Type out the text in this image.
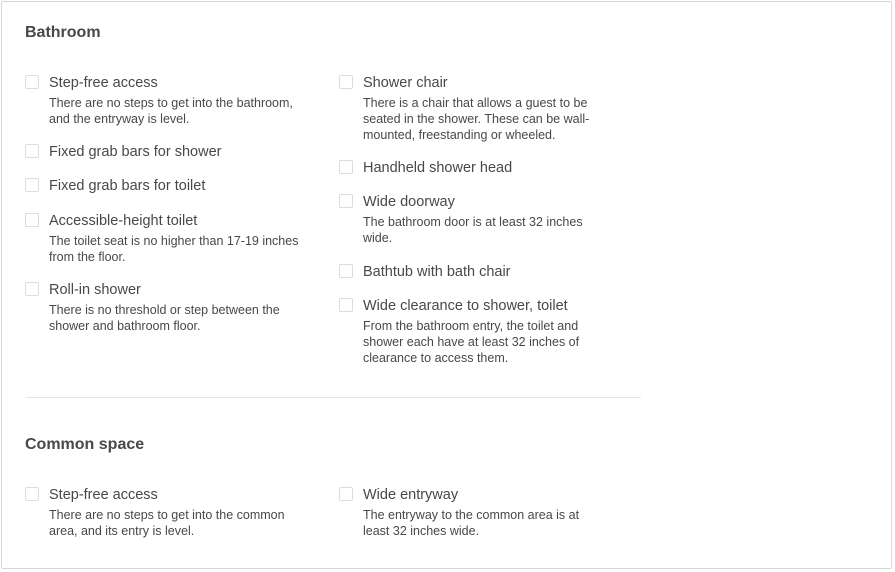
Bathroom
Step-free access
There are no steps to get into the bathroom, and the entryway is level.
Fixed grab bars for shower
Fixed grab bars for toilet
Accessible-height toilet
The toilet seat is no higher than 17-19 inches from the floor.
Roll-in shower
There is no threshold or step between the shower and bathroom floor.
Shower chair
There is a chair that allows a guest to be seated in the shower. These can be wall-mounted, freestanding or wheeled.
Handheld shower head
Wide doorway
The bathroom door is at least 32 inches wide.
Bathtub with bath chair
Wide clearance to shower, toilet
From the bathroom entry, the toilet and shower each have at least 32 inches of clearance to access them.
Common space
Step-free access
There are no steps to get into the common area, and its entry is level.
Wide entryway
The entryway to the common area is at least 32 inches wide.
